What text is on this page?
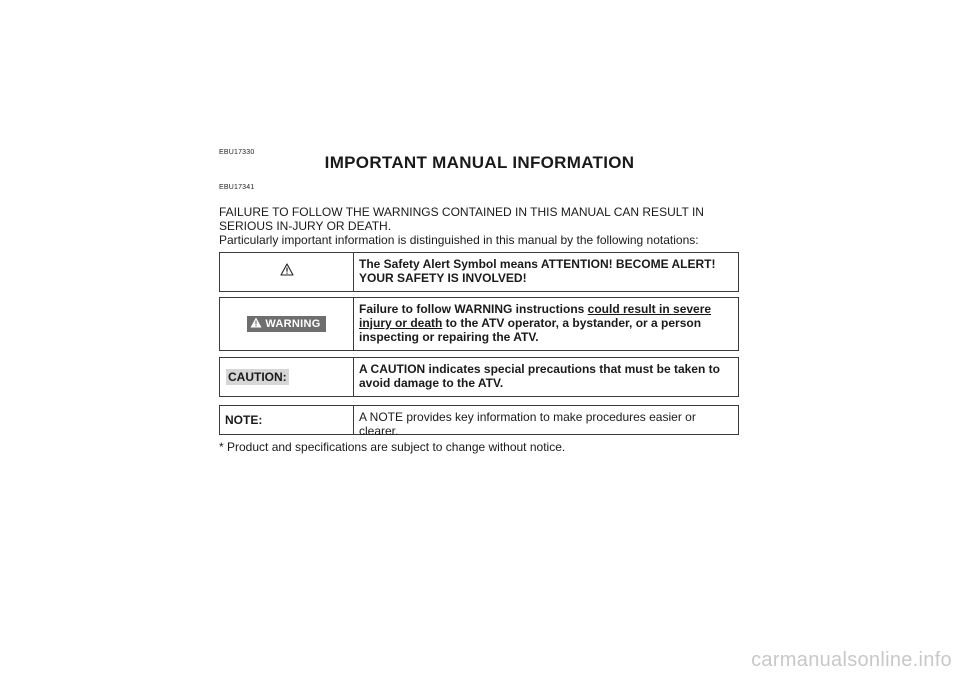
EBU17330
IMPORTANT MANUAL INFORMATION
EBU17341

FAILURE TO FOLLOW THE WARNINGS CONTAINED IN THIS MANUAL CAN RESULT IN SERIOUS IN-JURY OR DEATH.

Particularly important information is distinguished in this manual by the following notations:

The Safety Alert Symbol means ATTENTION! BECOME ALERT! YOUR SAFETY IS INVOLVED!
WARNING
Failure to follow WARNING instructions could result in severe injury or death to the ATV operator, a bystander, or a person inspecting or repairing the ATV.
CAUTION:
A CAUTION indicates special precautions that must be taken to avoid damage to the ATV.
NOTE:	A NOTE provides key information to make procedures easier or clearer.
* Product and specifications are subject to change without notice.
carmanualsonline.info
